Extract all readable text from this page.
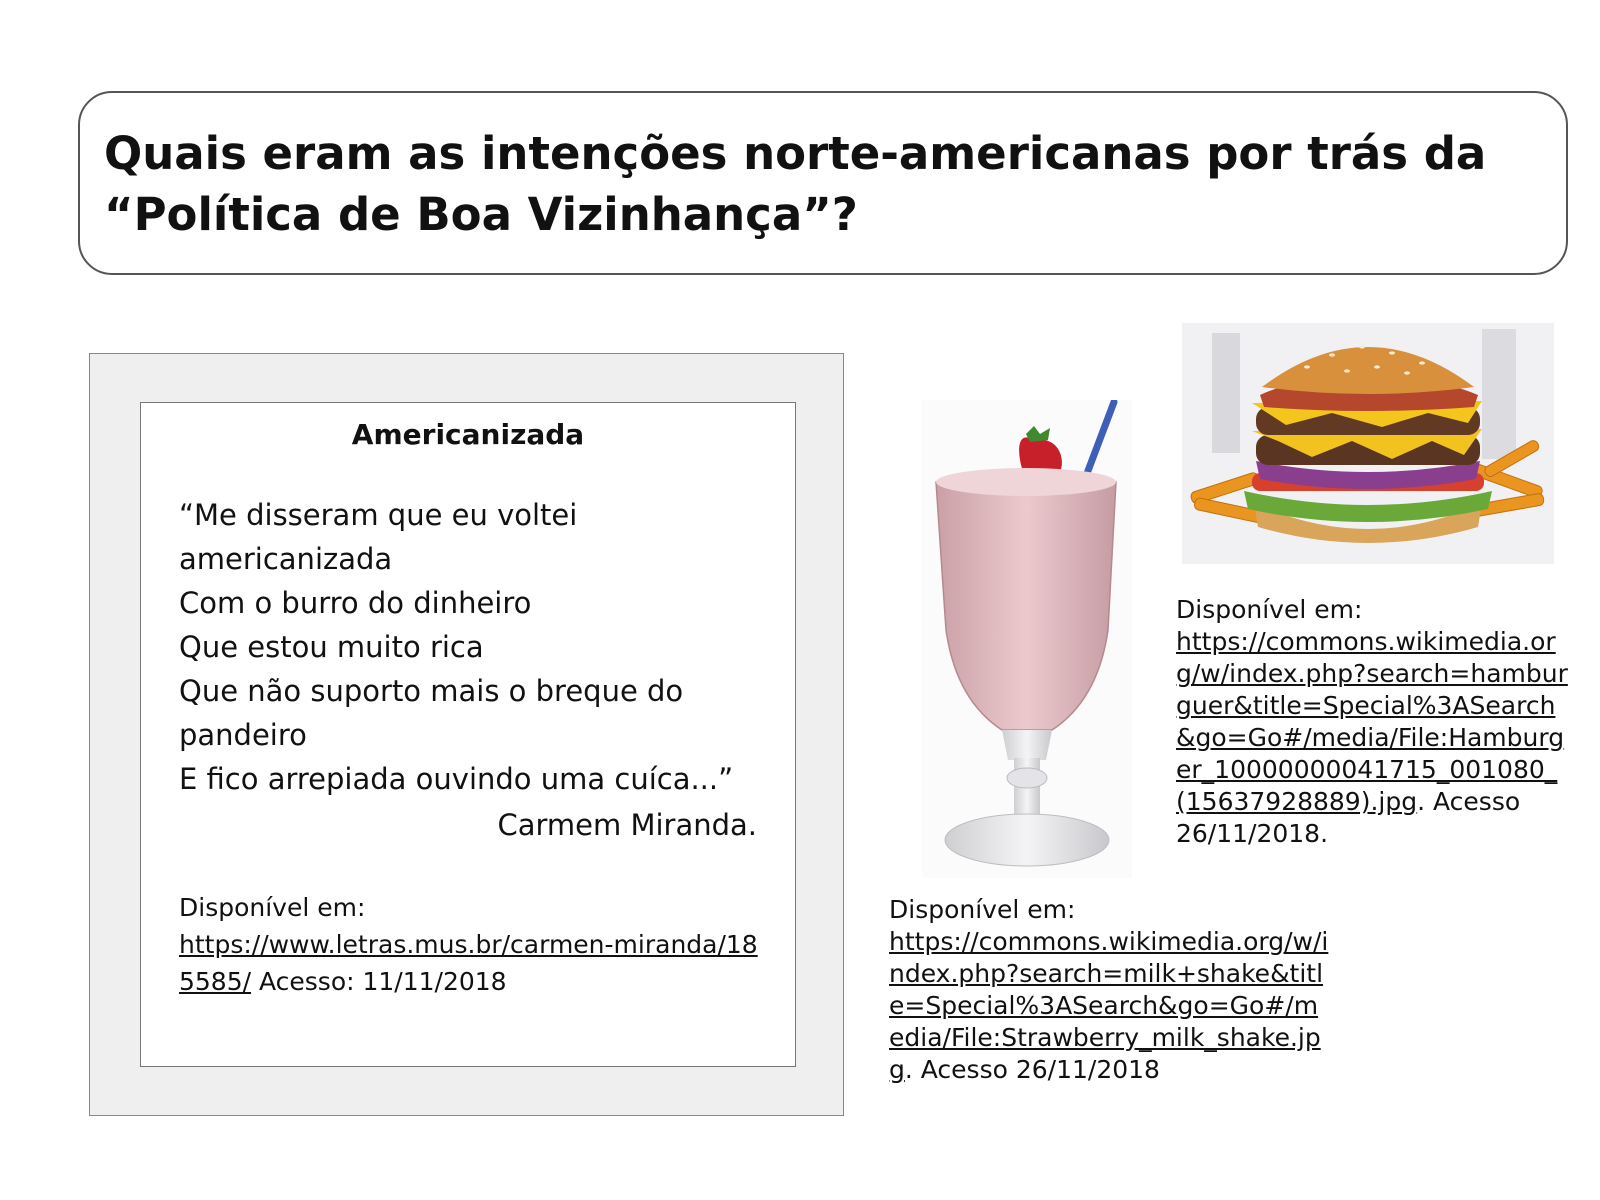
Quais eram as intenções norte-americanas por trás da
“Política de Boa Vizinhança”?
Americanizada
“Me disseram que eu voltei
americanizada
Com o burro do dinheiro
Que estou muito rica
Que não suporto mais o breque do
pandeiro
E fico arrepiada ouvindo uma cuíca...”
Carmem Miranda.
Disponível em:
https://www.letras.mus.br/carmen-miranda/185585/ Acesso: 11/11/2018
Disponível em:
https://commons.wikimedia.org/w/index.php?search=hamburguer&title=Special%3ASearch&go=Go#/media/File:Hamburger_10000000041715_001080_(15637928889).jpg. Acesso 26/11/2018.
Disponível em:
https://commons.wikimedia.org/w/index.php?search=milk+shake&title=Special%3ASearch&go=Go#/media/File:Strawberry_milk_shake.jpg. Acesso 26/11/2018
